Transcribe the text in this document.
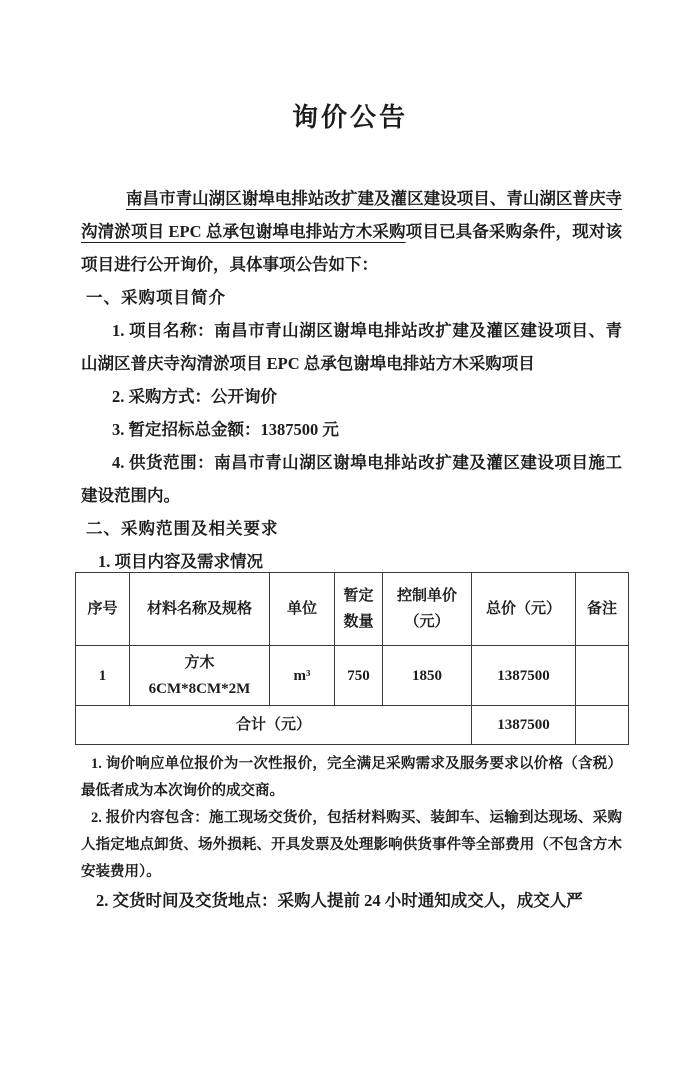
询价公告

南昌市青山湖区谢埠电排站改扩建及灌区建设项目、青山湖区普庆寺沟清淤项目 EPC 总承包谢埠电排站方木采购项目已具备采购条件，现对该项目进行公开询价，具体事项公告如下：

一、采购项目简介

1. 项目名称：南昌市青山湖区谢埠电排站改扩建及灌区建设项目、青山湖区普庆寺沟清淤项目 EPC 总承包谢埠电排站方木采购项目

2. 采购方式：公开询价

3. 暂定招标总金额：1387500 元

4. 供货范围：南昌市青山湖区谢埠电排站改扩建及灌区建设项目施工建设范围内。

二、采购范围及相关要求

1. 项目内容及需求情况

序号	材料名称及规格	单位	暂定数量	控制单价（元）	总价（元）	备注
1	方木 6CM*8CM*2M	m³	750	1850	1387500	
合计（元）					1387500	

1. 询价响应单位报价为一次性报价，完全满足采购需求及服务要求以价格（含税）最低者成为本次询价的成交商。

2. 报价内容包含：施工现场交货价，包括材料购买、装卸车、运输到达现场、采购人指定地点卸货、场外损耗、开具发票及处理影响供货事件等全部费用（不包含方木安装费用）。

2. 交货时间及交货地点：采购人提前 24 小时通知成交人，成交人严
